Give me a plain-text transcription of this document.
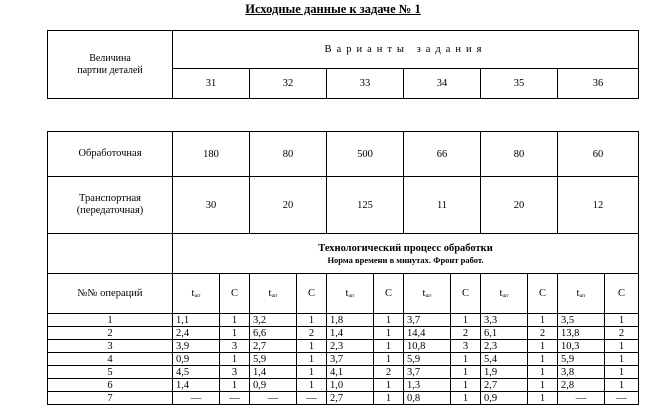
Исходные данные к задаче № 1
Величина
партии деталей	Варианты задания					
	31	32	33	34	35	36
Обработочная	180		80		500		66		80		60	
Транспортная
(передаточная)	30		20		125		11		20		12	

	Технологический процесс обработки
Норма времени в минутах. Фронт работ.											

№№ операций	tшт	С	tшт	С	tшт	С	tшт	С	tшт	С	tшт	С
1	1,1	1	3,2	1	1,8	1	3,7	1	3,3	1	3,5	1
2	2,4	1	6,6	2	1,4	1	14,4	2	6,1	2	13,8	2
3	3,9	3	2,7	1	2,3	1	10,8	3	2,3	1	10,3	1
4	0,9	1	5,9	1	3,7	1	5,9	1	5,4	1	5,9	1
5	4,5	3	1,4	1	4,1	2	3,7	1	1,9	1	3,8	1
6	1,4	1	0,9	1	1,0	1	1,3	1	2,7	1	2,8	1
7	—	—	—	—	2,7	1	0,8	1	0,9	1	—	—
